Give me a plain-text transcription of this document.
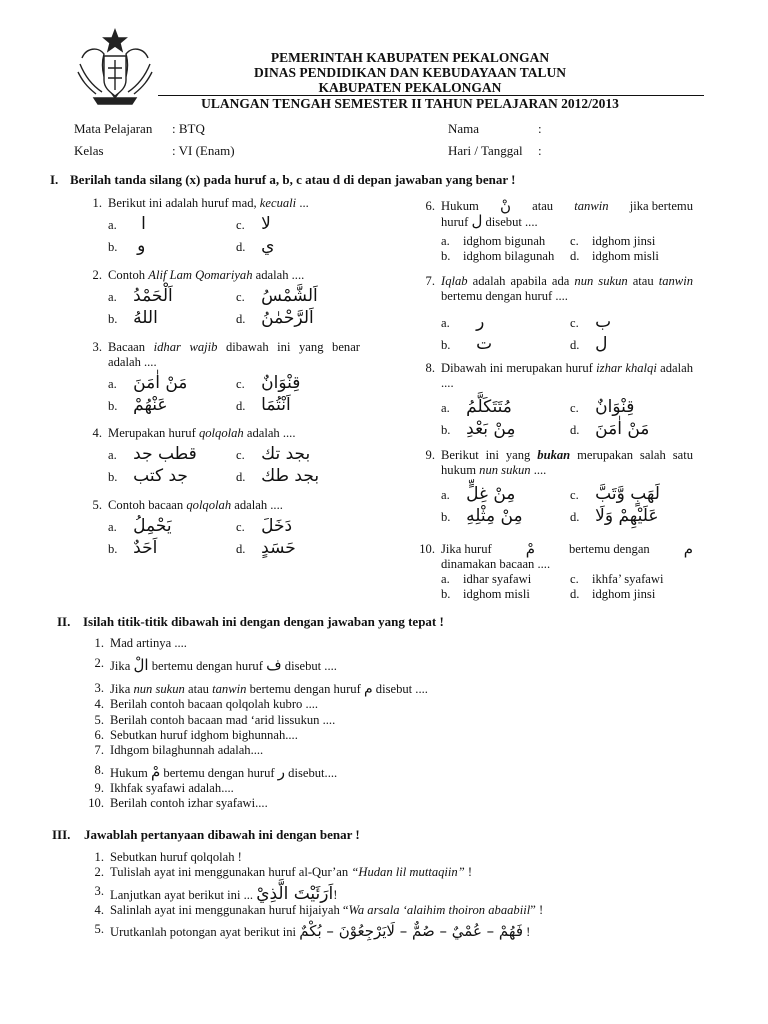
PEMERINTAH KABUPATEN PEKALONGAN
DINAS PENDIDIKAN DAN KEBUDAYAAN TALUN
KABUPATEN PEKALONGAN
ULANGAN TENGAH SEMESTER II TAHUN PELAJARAN 2012/2013
Mata Pelajaran : BTQ
Kelas	: VI (Enam)
Nama	:
Hari / Tanggal :
I. Berilah tanda silang (x) pada huruf a, b, c atau d di depan jawaban yang benar !
1. Berikut ini adalah huruf mad, kecuali ...
a. ا	c. لا
b. و	d. ي
2. Contoh Alif Lam Qomariyah adalah ....
a. اَلْحَمْدُ	c. اَلشَّمْسُ
b. اللهُ	d. اَلرَّحْمٰنُ
3. Bacaan idhar wajib dibawah ini yang benar adalah ....
a. مَنْ اٰمَنَ	c. قِنْوَانٌ
b. عَنْهُمْ	d. اَنْتُمَا
4. Merupakan huruf qolqolah adalah ....
a. قطب جد	c. بجد تك
b. جد كتب	d. بجد طك
5. Contoh bacaan qolqolah adalah ....
a. يَحْمِلُ	c. دَخَلَ
b. اَحَدٌ	d. حَسَدٍ
6. Hukum نْ atau tanwin jika bertemu
huruf ل disebut ....
a. idghom bigunah c. idghom jinsi
b. idghom bilagunah d. idghom misli
7. Iqlab adalah apabila ada nun sukun atau tanwin bertemu dengan huruf ....
a. ر	c. ب
b. ت	d. ل
8. Dibawah ini merupakan huruf izhar khalqi adalah ....
a. مُتَتَكَلَّمُ	c. قِنْوَانٌ
b. مِنْ بَعْدِ	d. مَنْ اٰمَنَ
9. Berikut ini yang bukan merupakan salah satu hukum nun sukun ....
a. مِنْ غِلٍّ	c. لَهَبٍ وَّتَبَّ
b. مِنْ مِثْلِهِ	d. عَلَيْهِمْ وَلَا
10. Jika huruf مْ	bertemu dengan م
dinamakan bacaan ....
a. idhar syafawi	c. ikhfa’ syafawi
b. idghom misli	d. idghom jinsi
II. Isilah titik-titik dibawah ini dengan dengan jawaban yang tepat !
1. Mad artinya ....
2. Jika الْ bertemu dengan huruf ف disebut ....
3. Jika nun sukun atau tanwin bertemu dengan huruf م disebut ....
4. Berilah contoh bacaan qolqolah kubro ....
5. Berilah contoh bacaan mad ‘arid lissukun ....
6. Sebutkan huruf idghom bighunnah....
7. Idhgom bilaghunnah adalah....
8. Hukum مْ bertemu dengan huruf ر disebut....
9. Ikhfak syafawi adalah....
10. Berilah contoh izhar syafawi....
III. Jawablah pertanyaan dibawah ini dengan benar !
1. Sebutkan huruf qolqolah !
2. Tulislah ayat ini menggunakan huruf al-Qur’an “Hudan lil muttaqiin” !
3. Lanjutkan ayat berikut ini ... اَرَئَيْتَ الَّذِيْ!
4. Salinlah ayat ini menggunakan huruf hijaiyah “Wa arsala ‘alaihim thoiron abaabiil” !
5. Urutkanlah potongan ayat berikut ini فَهُمْ – عُمْيٌ – صُمٌّ – لَايَرْجِعُوْنَ – بُكْمٌ !
